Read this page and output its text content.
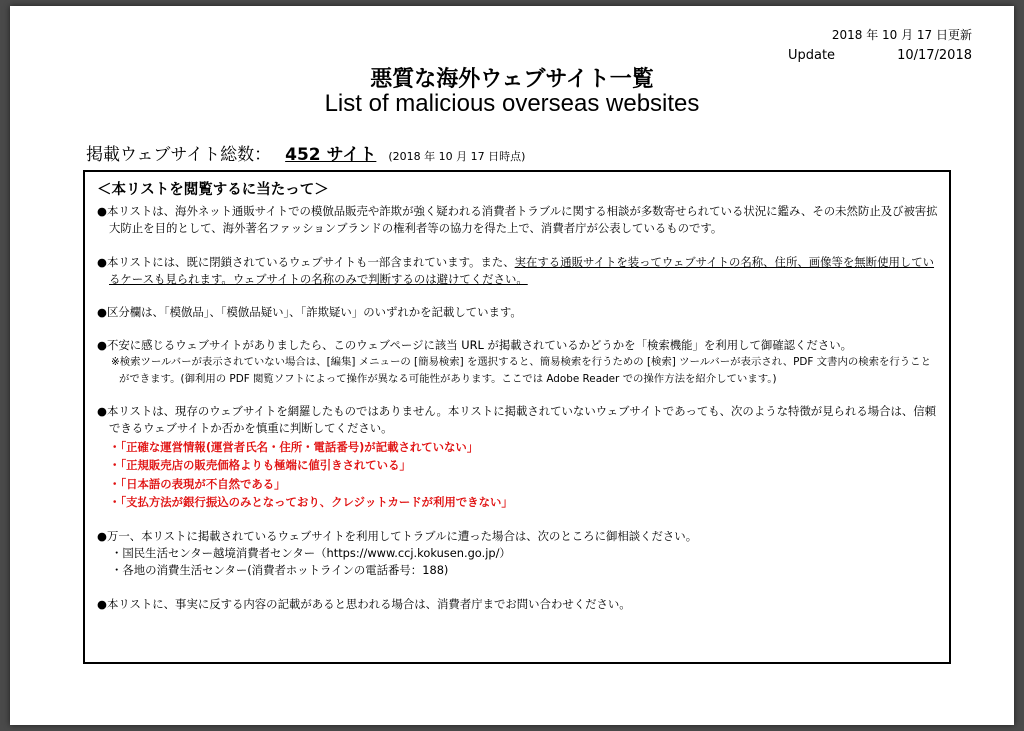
2018 年 10 月 17 日更新
Update	10/17/2018
悪質な海外ウェブサイト一覧
List of malicious overseas websites
掲載ウェブサイト総数： 452 サイト	(2018 年 10 月 17 日時点)
＜本リストを閲覧するに当たって＞

●本リストは、海外ネット通販サイトでの模倣品販売や詐欺が強く疑われる消費者トラブルに関する相談が多数寄せられている状況に鑑み、その未然防止及び被害拡大防止を目的として、海外著名ファッションブランドの権利者等の協力を得た上で、消費者庁が公表しているものです。

●本リストには、既に閉鎖されているウェブサイトも一部含まれています。また、実在する通販サイトを装ってウェブサイトの名称、住所、画像等を無断使用しているケースも見られます。ウェブサイトの名称のみで判断するのは避けてください。

●区分欄は、「模倣品」、「模倣品疑い」、「詐欺疑い」のいずれかを記載しています。

●不安に感じるウェブサイトがありましたら、このウェブページに該当 URL が掲載されているかどうかを「検索機能」を利用して御確認ください。

※検索ツールバーが表示されていない場合は、[編集] メニューの [簡易検索] を選択すると、簡易検索を行うための [検索] ツールバーが表示され、PDF 文書内の検索を行うことができます。(御利用の PDF 閲覧ソフトによって操作が異なる可能性があります。ここでは Adobe Reader での操作方法を紹介しています。)

●本リストは、現存のウェブサイトを網羅したものではありません。本リストに掲載されていないウェブサイトであっても、次のような特徴が見られる場合は、信頼できるウェブサイトか否かを慎重に判断してください。

・「正確な運営情報(運営者氏名・住所・電話番号)が記載されていない」

・「正規販売店の販売価格よりも極端に値引きされている」

・「日本語の表現が不自然である」

・「支払方法が銀行振込のみとなっており、クレジットカードが利用できない」

●万一、本リストに掲載されているウェブサイトを利用してトラブルに遭った場合は、次のところに御相談ください。

・国民生活センター越境消費者センター（https://www.ccj.kokusen.go.jp/）

・各地の消費生活センター(消費者ホットラインの電話番号：188)

●本リストに、事実に反する内容の記載があると思われる場合は、消費者庁までお問い合わせください。
